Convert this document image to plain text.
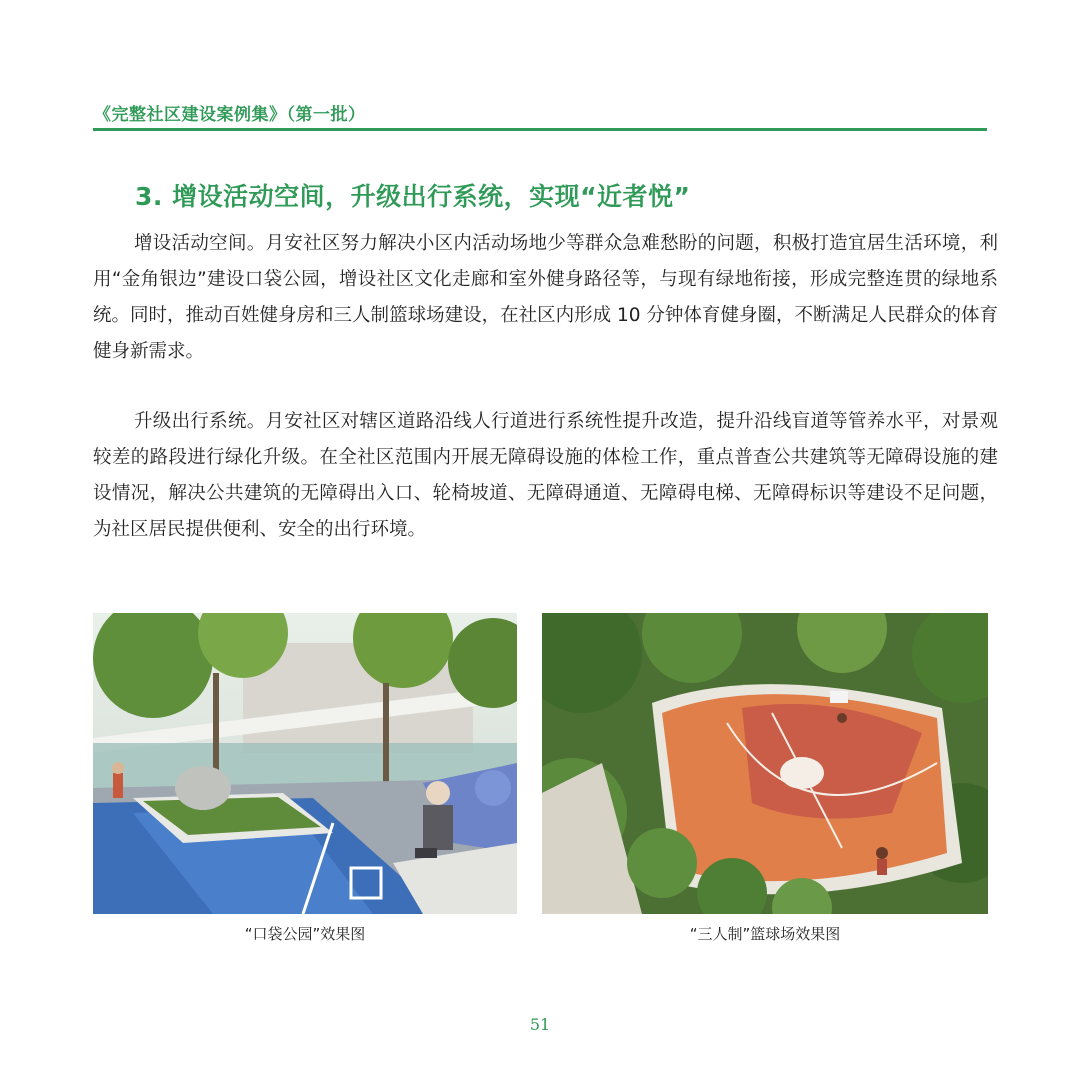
《完整社区建设案例集》（第一批）
3. 增设活动空间，升级出行系统，实现“近者悦”

增设活动空间。月安社区努力解决小区内活动场地少等群众急难愁盼的问题，积极打造宜居生活环境，利用“金角银边”建设口袋公园，增设社区文化走廊和室外健身路径等，与现有绿地衔接，形成完整连贯的绿地系统。同时，推动百姓健身房和三人制篮球场建设，在社区内形成 10 分钟体育健身圈，不断满足人民群众的体育健身新需求。

升级出行系统。月安社区对辖区道路沿线人行道进行系统性提升改造，提升沿线盲道等管养水平，对景观较差的路段进行绿化升级。在全社区范围内开展无障碍设施的体检工作，重点普查公共建筑等无障碍设施的建设情况，解决公共建筑的无障碍出入口、轮椅坡道、无障碍通道、无障碍电梯、无障碍标识等建设不足问题，为社区居民提供便利、安全的出行环境。

“口袋公园”效果图	“三人制”篮球场效果图
51
